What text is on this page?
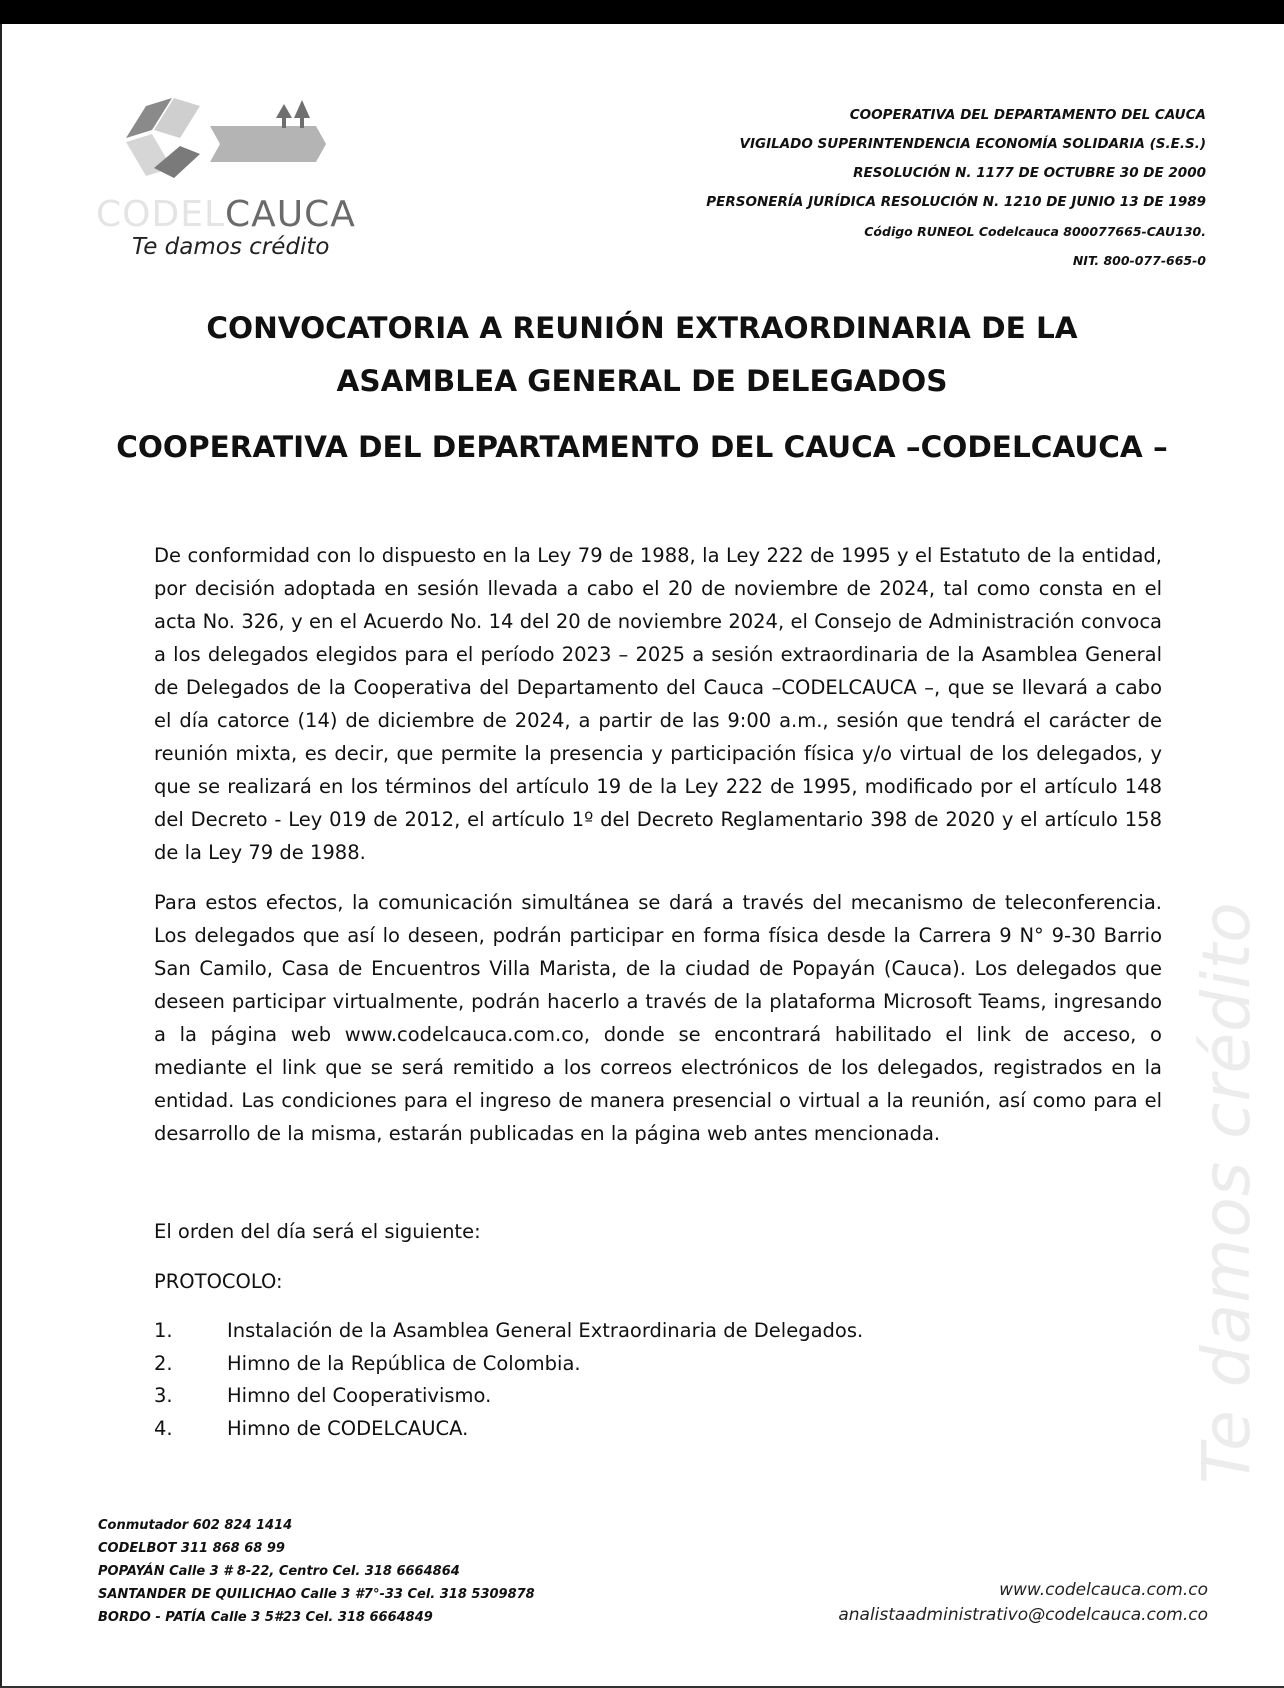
CODELCAUCA
Te damos crédito
COOPERATIVA DEL DEPARTAMENTO DEL CAUCA
VIGILADO SUPERINTENDENCIA ECONOMÍA SOLIDARIA (S.E.S.)
RESOLUCIÓN N. 1177 DE OCTUBRE 30 DE 2000
PERSONERÍA JURÍDICA RESOLUCIÓN N. 1210 DE JUNIO 13 DE 1989
Código RUNEOL Codelcauca 800077665-CAU130.
NIT. 800-077-665-0
CONVOCATORIA A REUNIÓN EXTRAORDINARIA DE LA
ASAMBLEA GENERAL DE DELEGADOS
COOPERATIVA DEL DEPARTAMENTO DEL CAUCA –CODELCAUCA –
De conformidad con lo dispuesto en la Ley 79 de 1988, la Ley 222 de 1995 y el Estatuto de la entidad, por decisión adoptada en sesión llevada a cabo el 20 de noviembre de 2024, tal como consta en el acta No. 326, y en el Acuerdo No. 14 del 20 de noviembre 2024, el Consejo de Administración convoca a los delegados elegidos para el período 2023 – 2025 a sesión extraordinaria de la Asamblea General de Delegados de la Cooperativa del Departamento del Cauca –CODELCAUCA –, que se llevará a cabo el día catorce (14) de diciembre de 2024, a partir de las 9:00 a.m., sesión que tendrá el carácter de reunión mixta, es decir, que permite la presencia y participación física y/o virtual de los delegados, y que se realizará en los términos del artículo 19 de la Ley 222 de 1995, modificado por el artículo 148 del Decreto - Ley 019 de 2012, el artículo 1º del Decreto Reglamentario 398 de 2020 y el artículo 158 de la Ley 79 de 1988.
Para estos efectos, la comunicación simultánea se dará a través del mecanismo de teleconferencia. Los delegados que así lo deseen, podrán participar en forma física desde la Carrera 9 N° 9-30 Barrio San Camilo, Casa de Encuentros Villa Marista, de la ciudad de Popayán (Cauca). Los delegados que deseen participar virtualmente, podrán hacerlo a través de la plataforma Microsoft Teams, ingresando a la página web www.codelcauca.com.co, donde se encontrará habilitado el link de acceso, o mediante el link que se será remitido a los correos electrónicos de los delegados, registrados en la entidad. Las condiciones para el ingreso de manera presencial o virtual a la reunión, así como para el desarrollo de la misma, estarán publicadas en la página web antes mencionada.
El orden del día será el siguiente:
PROTOCOLO:
1.	Instalación de la Asamblea General Extraordinaria de Delegados.
2.	Himno de la República de Colombia.
3.	Himno del Cooperativismo.
4.	Himno de CODELCAUCA.	Te damos crédito
Conmutador 602 824 1414
CODELBOT 311 868 68 99
POPAYÁN Calle 3 # 8-22, Centro Cel. 318 6664864
SANTANDER DE QUILICHAO Calle 3 #7°-33 Cel. 318 5309878
BORDO - PATÍA Calle 3 5#23 Cel. 318 6664849
www.codelcauca.com.co
analistaadministrativo@codelcauca.com.co
